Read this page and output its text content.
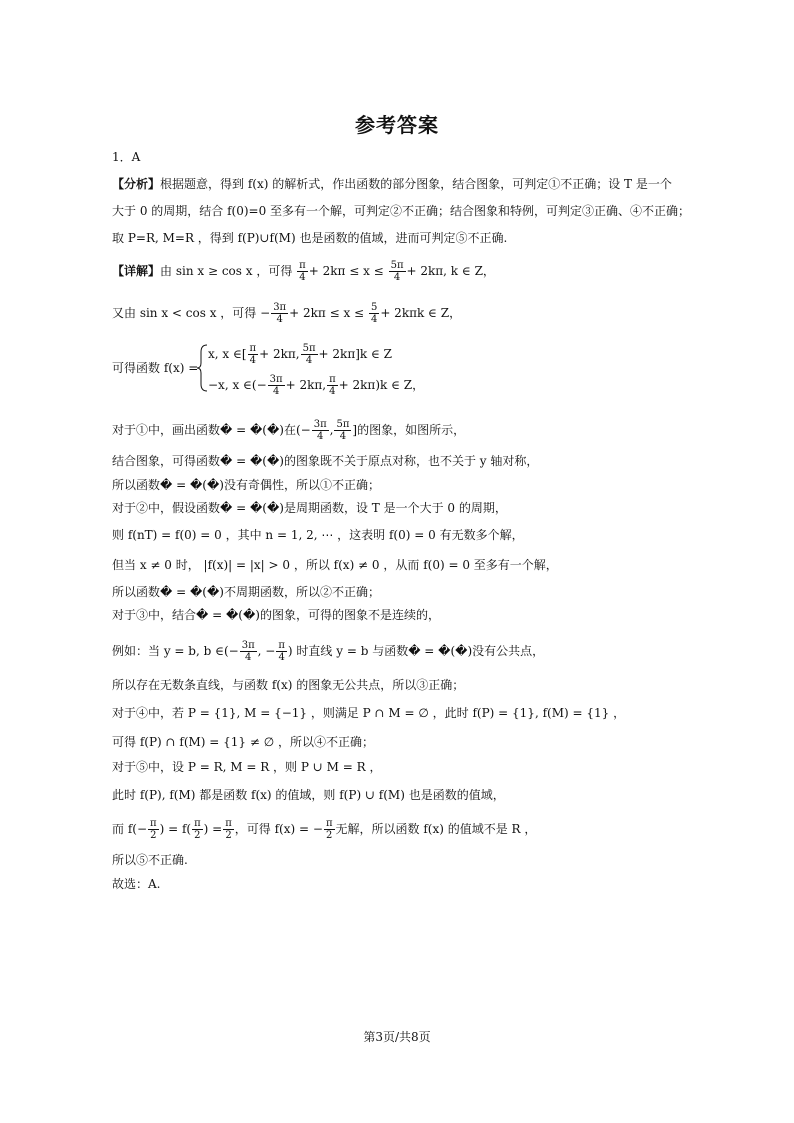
参考答案
1．A
【分析】根据题意，得到 f(x) 的解析式，作出函数的部分图象，结合图象，可判定①不正确；设 T 是一个
大于 0 的周期，结合 f(0)=0 至多有一个解，可判定②不正确；结合图象和特例，可判定③正确、④不正确；
取 P=R, M=R ，得到 f(P)∪f(M) 也是函数的值域，进而可判定⑤不正确.
【详解】由 sin x ≥ cos x ，可得 $\frac{\pi}{4} + 2k\pi \le x \le \frac{5\pi}{4} + 2k\pi$, k ∈ Z，
又由 sin x < cos x ，可得 − $\frac{3\pi}{4} + 2k\pi \le x \le \frac{5}{4} + 2k\pi k$ ∈ Z，
可得函数 f(x) =
x, x ∈[ $\frac{\pi}{4} + 2k\pi$, $\frac{5\pi}{4} + 2k\pi]k$ ∈ Z
−x, x ∈(− $\frac{3\pi}{4} + 2k\pi$, $\frac{\pi}{4} + 2k\pi)k$ ∈ Z，
对于①中，画出函数� = �(�)在(− $\frac{3\pi}{4}$ , $\frac{5\pi}{4}$ ]的图象，如图所示，
结合图象，可得函数� = �(�)的图象既不关于原点对称，也不关于 y 轴对称，
所以函数� = �(�)没有奇偶性，所以①不正确；
对于②中，假设函数� = �(�)是周期函数，设 T 是一个大于 0 的周期，
则 f(nT) = f(0) = 0 ，其中 n = 1, 2, ⋯ ，这表明 f(0) = 0 有无数多个解，
但当 x ≠ 0 时， |f(x)| = |x| > 0 ，所以 f(x) ≠ 0 ，从而 f(0) = 0 至多有一个解，
所以函数� = �(�)不周期函数，所以②不正确；
对于③中，结合� = �(�)的图象，可得的图象不是连续的，
例如：当 y = b, b ∈(− $\frac{3\pi}{4}$ , − $\frac{\pi}{4}$ ) 时直线 y = b 与函数� = �(�)没有公共点，
所以存在无数条直线，与函数 f(x) 的图象无公共点，所以③正确；
对于④中，若 P = {1}, M = {−1} ，则满足 P ∩ M = ∅ ，此时 f(P) = {1}, f(M) = {1} ，
可得 f(P) ∩ f(M) = {1} ≠ ∅ ，所以④不正确；
对于⑤中，设 P = R, M = R ，则 P ∪ M = R ，
此时 f(P), f(M) 都是函数 f(x) 的值域，则 f(P) ∪ f(M) 也是函数的值域，
而 $f(- \frac{\pi}{2}$ ) = $f( \frac{\pi}{2}$ ) = $\frac{\pi}{2}$ ，可得 f(x) = − $\frac{\pi}{2}$ 无解，所以函数 f(x) 的值域不是 R ，
所以⑤不正确.
故选：A.
第3页/共8页
